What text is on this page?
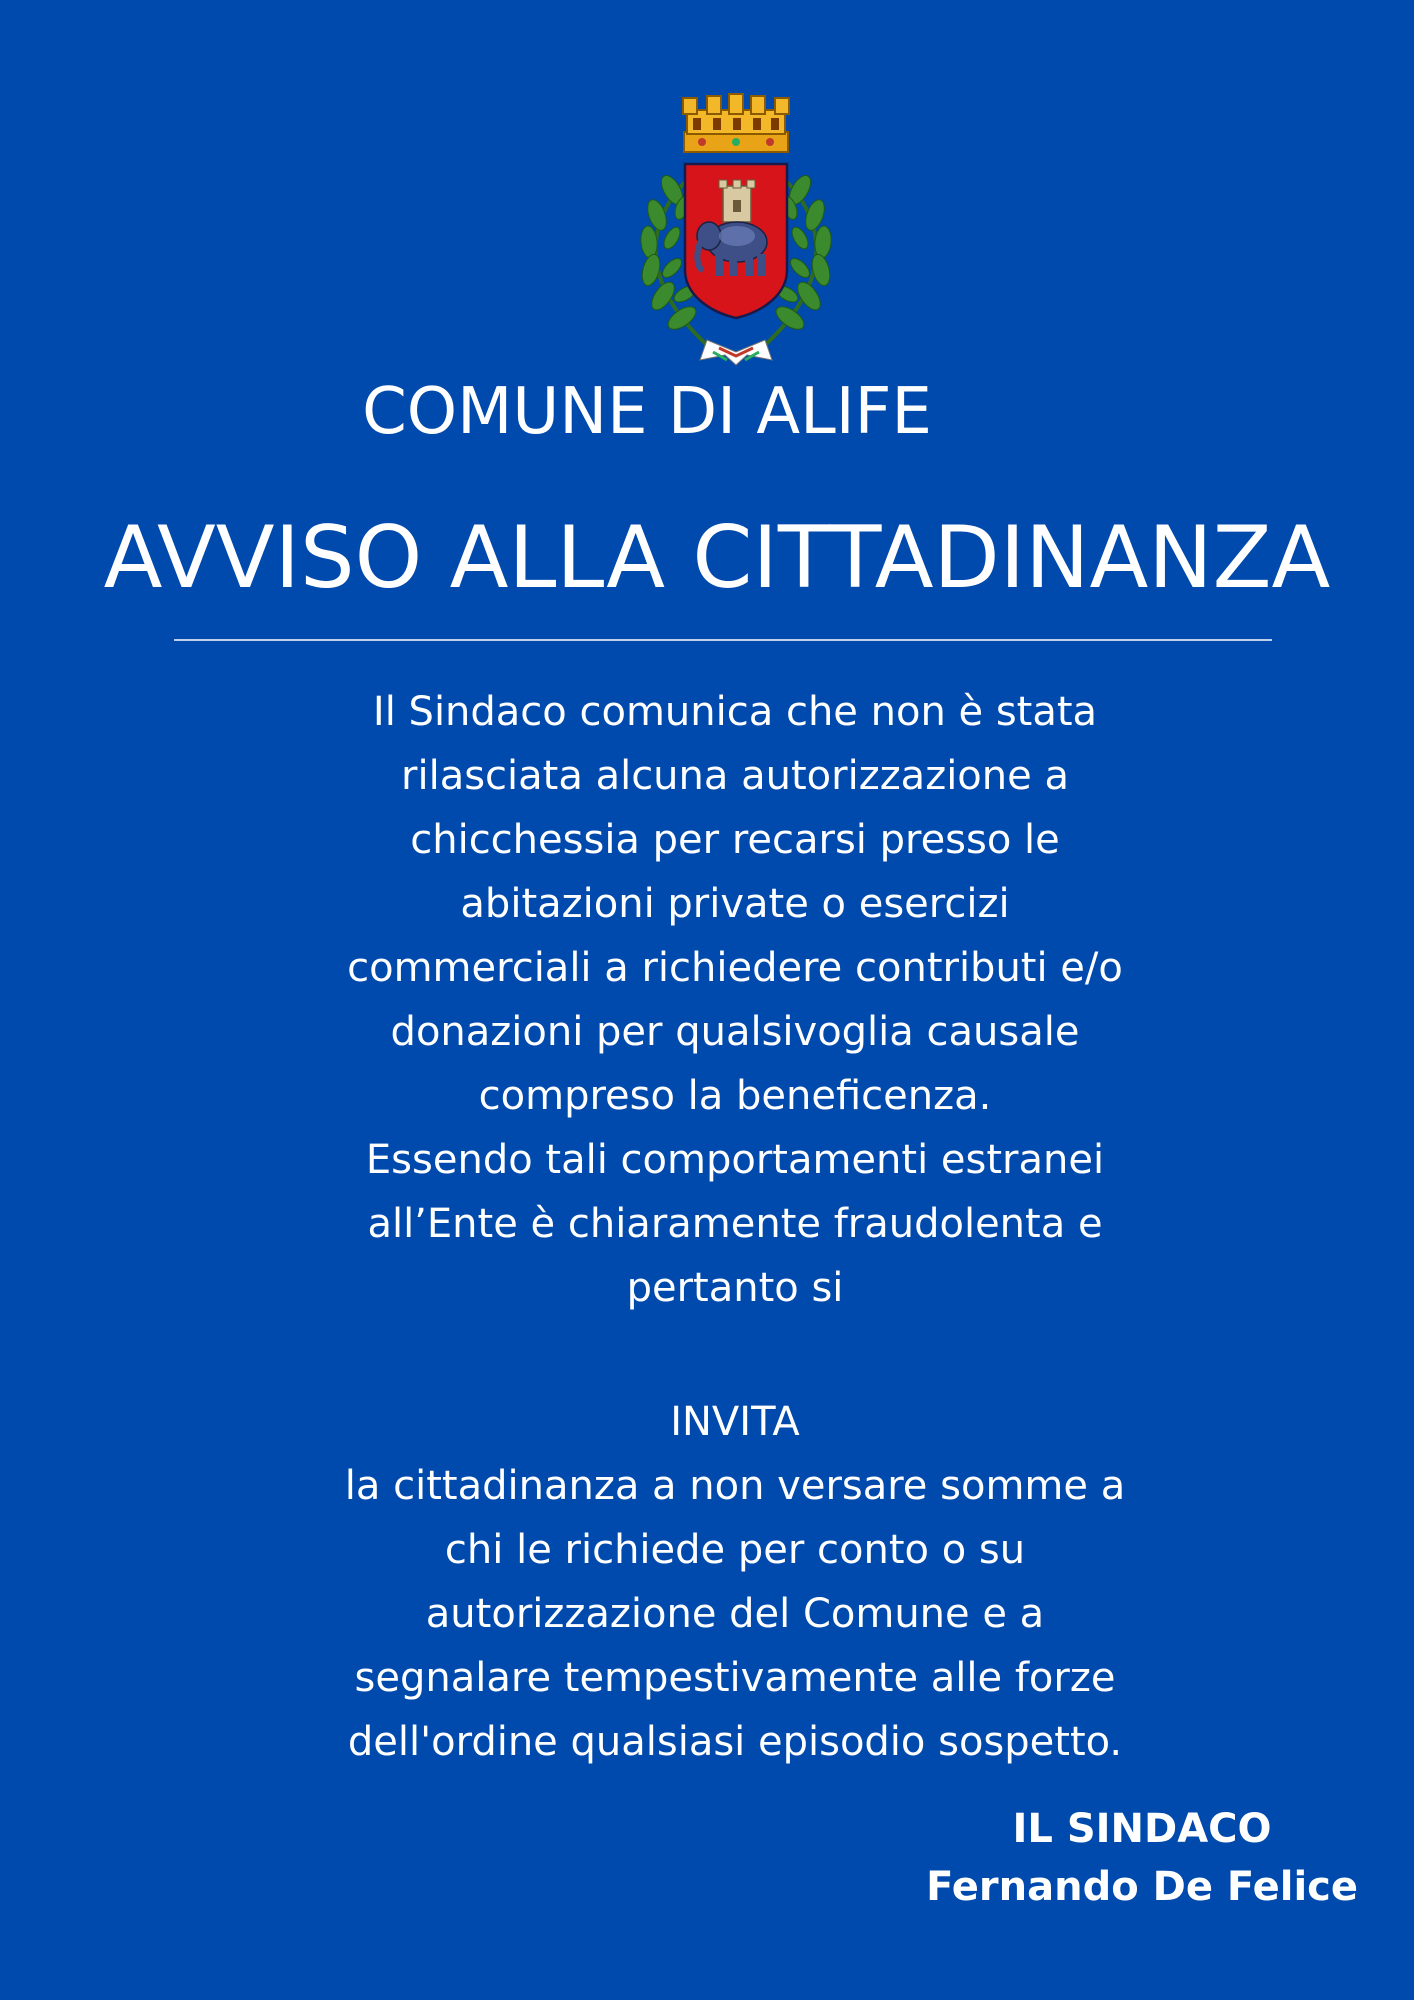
COMUNE DI ALIFE
AVVISO ALLA CITTADINANZA
Il Sindaco comunica che non è stata
rilasciata alcuna autorizzazione a
chicchessia per recarsi presso le
abitazioni private o esercizi
commerciali a richiedere contributi e/o
donazioni per qualsivoglia causale
compreso la beneficenza.
Essendo tali comportamenti estranei
all’Ente è chiaramente fraudolenta e
pertanto si
INVITA
la cittadinanza a non versare somme a
chi le richiede per conto o su
autorizzazione del Comune e a
segnalare tempestivamente alle forze
dell'ordine qualsiasi episodio sospetto.
IL SINDACO
Fernando De Felice
